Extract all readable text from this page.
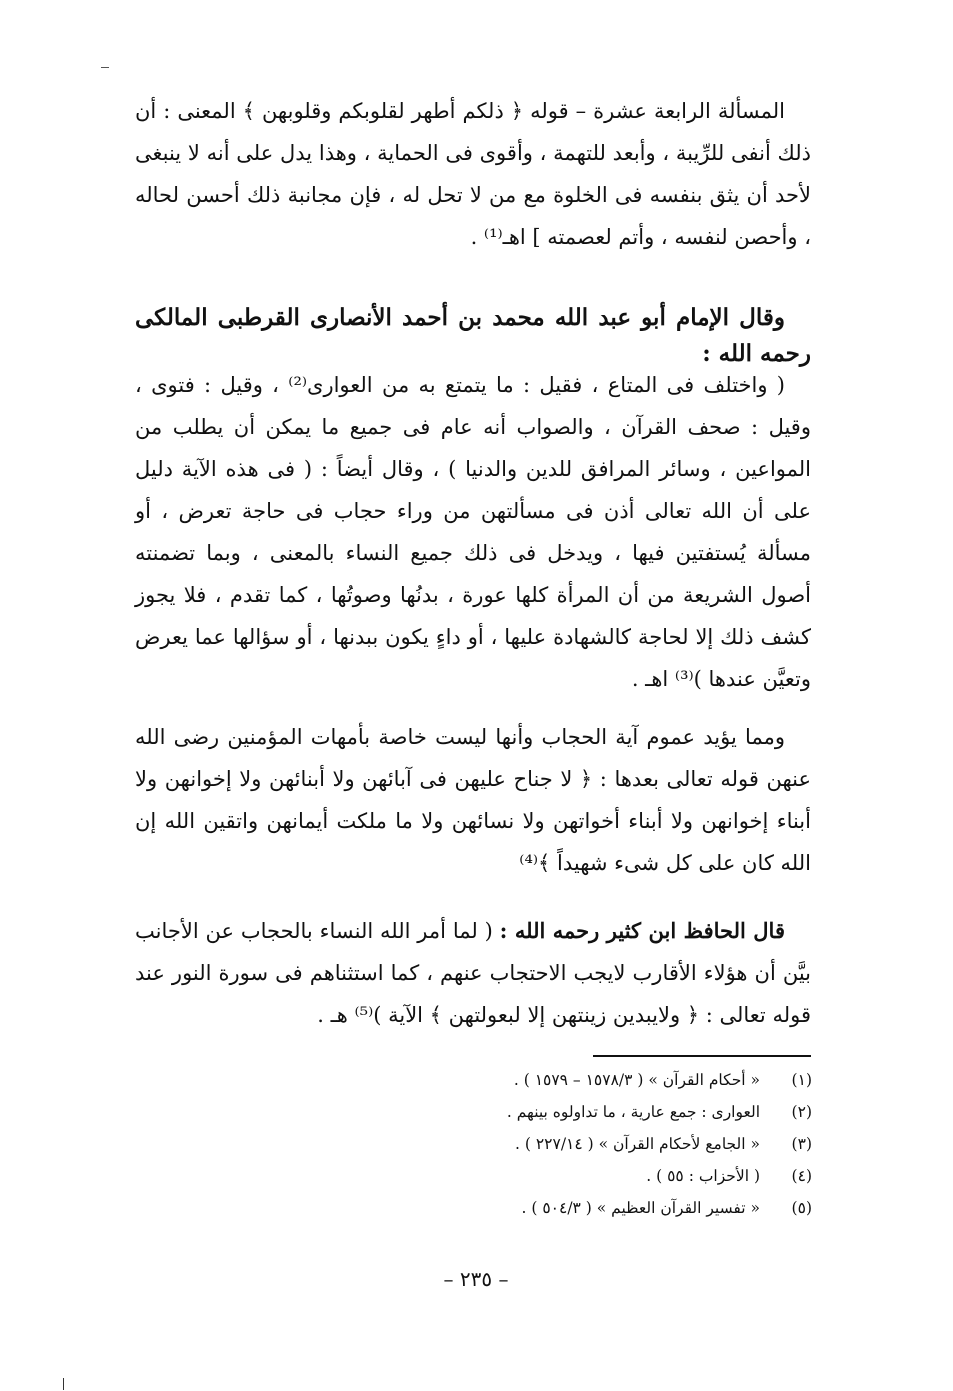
المسألة الرابعة عشرة – قوله ﴿ ذلكم أطهر لقلوبكم وقلوبهن ﴾ المعنى : أن ذلك أنفى للرِّيبة ، وأبعد للتهمة ، وأقوى فى الحماية ، وهذا يدل على أنه لا ينبغى لأحد أن يثق بنفسه فى الخلوة مع من لا تحل له ، فإن مجانبة ذلك أحسن لحاله ، وأحصن لنفسه ، وأتم لعصمته ] اهـ⁽¹⁾ .

وقال الإمام أبو عبد الله محمد بن أحمد الأنصارى القرطبى المالكى رحمه الله :

( واختلف فى المتاع ، فقيل : ما يتمتع به من العوارى⁽²⁾ ، وقيل : فتوى ، وقيل : صحف القرآن ، والصواب أنه عام فى جميع ما يمكن أن يطلب من المواعين ، وسائر المرافق للدين والدنيا ) ، وقال أيضاً : ( فى هذه الآية دليل على أن الله تعالى أذن فى مسألتهن من وراء حجاب فى حاجة تعرض ، أو مسألة يُستفتين فيها ، ويدخل فى ذلك جميع النساء بالمعنى ، وبما تضمنته أصول الشريعة من أن المرأة كلها عورة ، بدنُها وصوتُها ، كما تقدم ، فلا يجوز كشف ذلك إلا لحاجة كالشهادة عليها ، أو داءٍ يكون ببدنها ، أو سؤالها عما يعرض وتعيَّن عندها )⁽³⁾ اهـ .

ومما يؤيد عموم آية الحجاب وأنها ليست خاصة بأمهات المؤمنين رضى الله عنهن قوله تعالى بعدها : ﴿ لا جناح عليهن فى آبائهن ولا أبنائهن ولا إخوانهن ولا أبناء إخوانهن ولا أبناء أخواتهن ولا نسائهن ولا ما ملكت أيمانهن واتقين الله إن الله كان على كل شىء شهيداً ﴾⁽⁴⁾

قال الحافظ ابن كثير رحمه الله : ( لما أمر الله النساء بالحجاب عن الأجانب بيَّن أن هؤلاء الأقارب لايجب الاحتجاب عنهم ، كما استثناهم فى سورة النور عند قوله تعالى : ﴿ ولايبدين زينتهن إلا لبعولتهن ﴾ الآية )⁽⁵⁾ هـ .

(١)
« أحكام القرآن » ( ١٥٧٨/٣ – ١٥٧٩ ) .
(٢)
العوارى : جمع عارية ، ما تداولوه بينهم .
(٣)
« الجامع لأحكام القرآن » ( ٢٢٧/١٤ ) .
(٤)
( الأحزاب : ٥٥ ) .
(٥)
« تفسير القرآن العظيم » ( ٥٠٤/٣ ) .
– ٢٣٥ –
